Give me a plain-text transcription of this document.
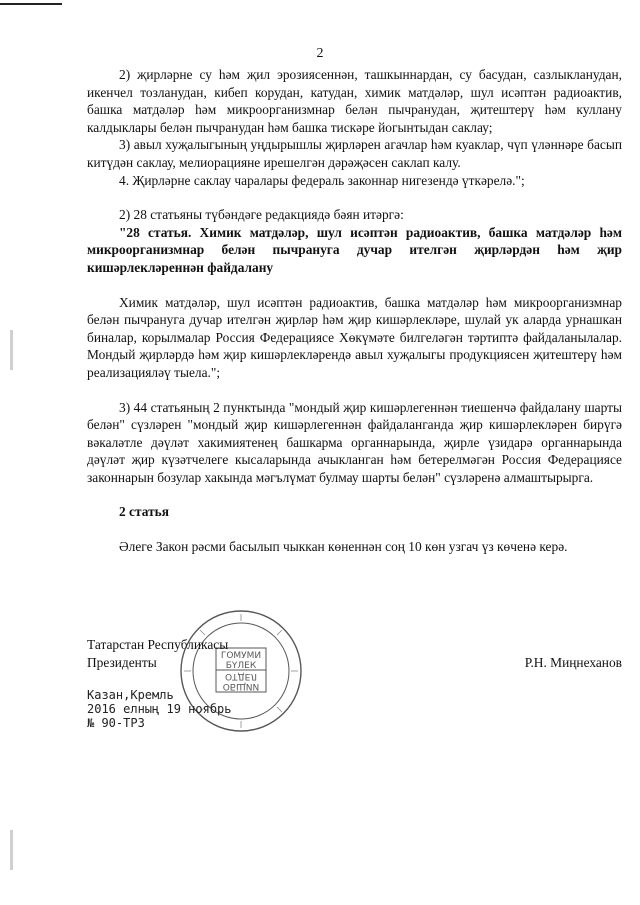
2

2) җирләрне су һәм җил эрозиясеннән, ташкыннардан, су басудан, сазлыкланудан, икенчел тозланудан, кибеп корудан, катудан, химик матдәләр, шул исәптән радиоактив, башка матдәләр һәм микроорганизмнар белән пычранудан, җитештерү һәм куллану калдыклары белән пычранудан һәм башка тискәре йогынтыдан саклау;

3) авыл хуҗалыгының уңдырышлы җирләрен агачлар һәм куаклар, чүп үләннәре басып китүдән саклау, мелиорацияне ирешелгән дәрәҗәсен саклап калу.

4. Җирләрне саклау чаралары федераль законнар нигезендә үткәрелә.";

2) 28 статьяны түбәндәге редакциядә бәян итәргә:

"28 статья. Химик матдәләр, шул исәптән радиоактив, башка матдәләр һәм микроорганизмнар белән пычрануга дучар ителгән җирләрдән һәм җир кишәрлекләреннән файдалану

Химик матдәләр, шул исәптән радиоактив, башка матдәләр һәм микроорганизмнар белән пычрануга дучар ителгән җирләр һәм җир кишәрлекләре, шулай ук аларда урнашкан биналар, корылмалар Россия Федерациясе Хөкүмәте билгеләгән тәртиптә файдаланылалар. Мондый җирләрдә һәм җир кишәрлекләрендә авыл хуҗалыгы продукциясен җитештерү һәм реализацияләү тыела.";

3) 44 статьяның 2 пунктында "мондый җир кишәрлегеннән тиешенчә файдалану шарты белән" сүзләрен "мондый җир кишәрлегеннән файдаланганда җир кишәрлекләрен бирүгә вәкаләтле дәүләт хакимиятенең башкарма органнарында, җирле үзидарә органнарында дәүләт җир күзәтчелеге кысаларында ачыкланган һәм бетерелмәгән Россия Федерациясе законнарын бозулар хакында мәгълүмат булмау шарты белән" сүзләренә алмаштырырга.

2 статья

Әлеге Закон рәсми басылып чыккан көненнән соң 10 көн узгач үз көченә керә.

Татарстан Республикасы
Президенты	Р.Н. Миңнеханов
ГОМУМИ
БҮЛЕК
ОТДЕЛ
ОБЩИЙ
Казан,Кремль
2016 елның 19 ноябрь
№ 90-ТРЗ
